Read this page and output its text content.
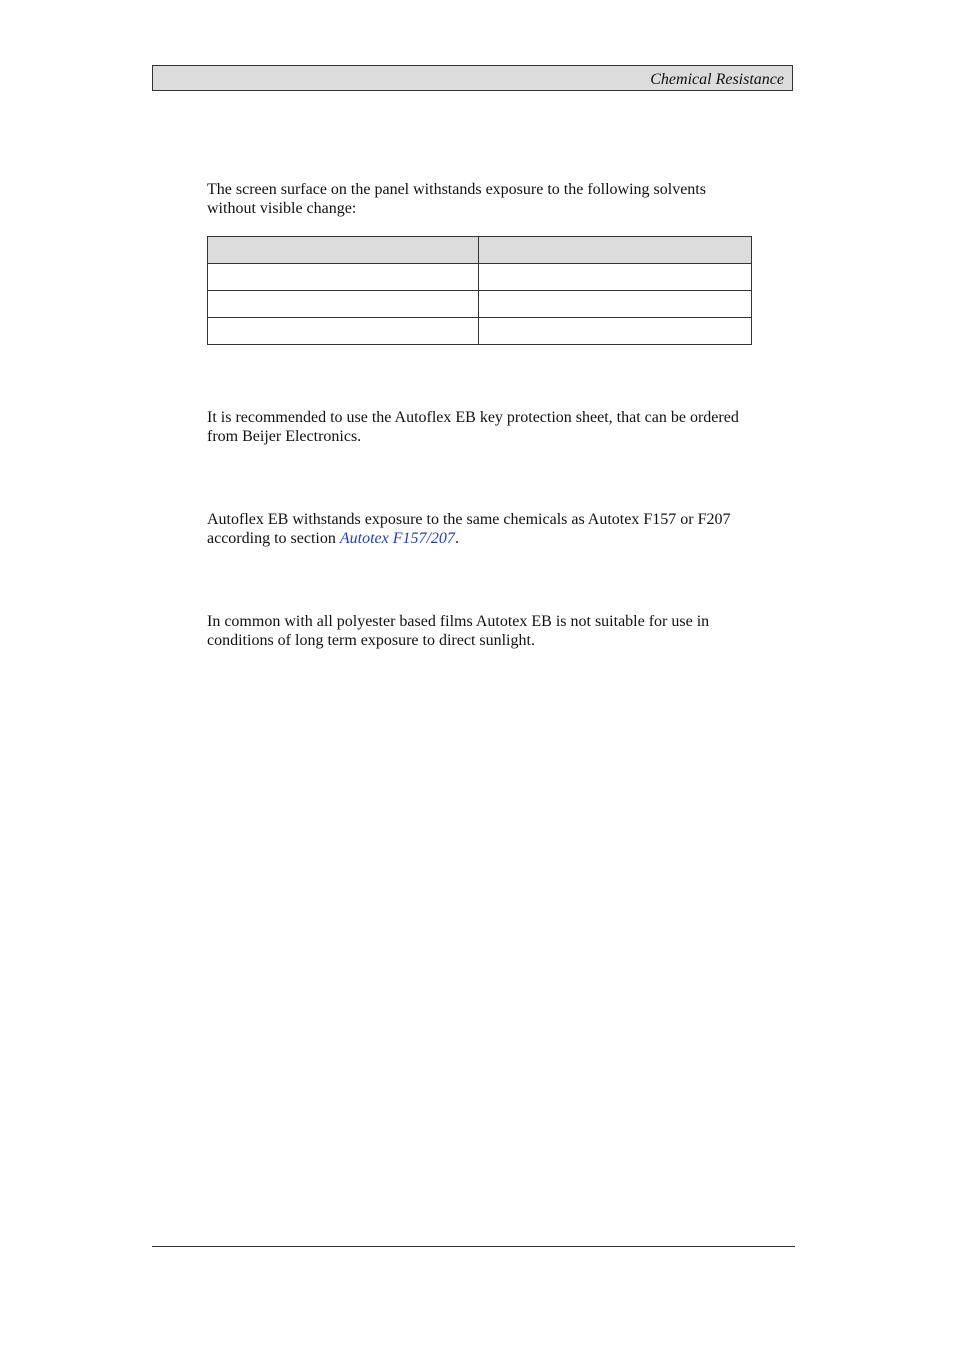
Chemical Resistance
The screen surface on the panel withstands exposure to the following solvents
without visible change:

It is recommended to use the Autoflex EB key protection sheet, that can be ordered
from Beijer Electronics.
Autoflex EB withstands exposure to the same chemicals as Autotex F157 or F207
according to section Autotex F157/207.
In common with all polyester based films Autotex EB is not suitable for use in
conditions of long term exposure to direct sunlight.
